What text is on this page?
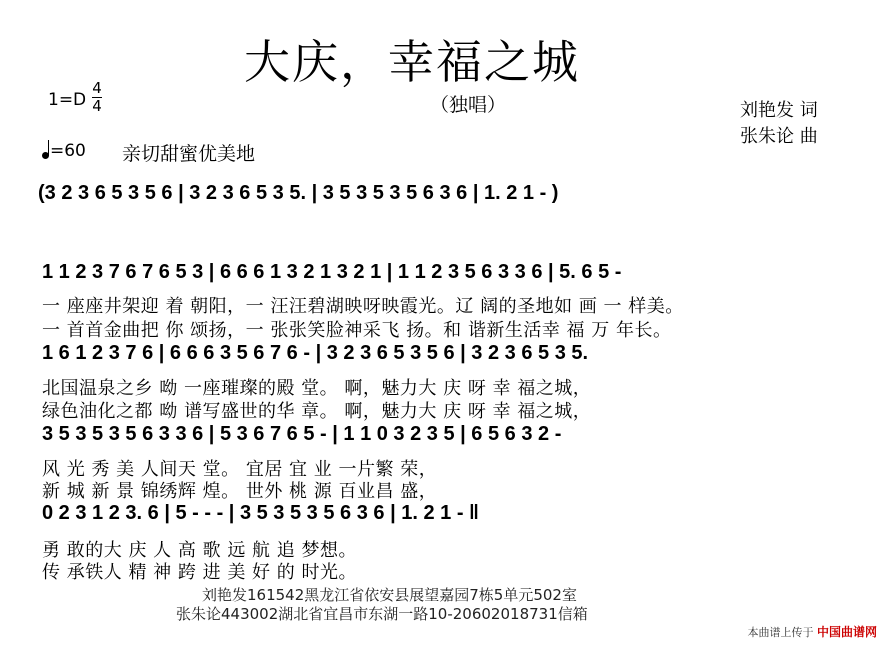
大庆，幸福之城
（独唱）	刘艳发 词
张朱论 曲
1=D
4
4
=60 亲切甜蜜优美地
(3 2 3 6 5 3 5 6 | 3 2 3 6 5 3 5. | 3 5 3 5 3 5 6 3 6 | 1. 2 1 - )
1 1 2 3 7 6 7 6 5 3 | 6 6 6 1 3 2 1 3 2 1 | 1 1 2 3 5 6 3 3 6 | 5. 6 5 -
一 座座井架迎 着 朝阳，一 汪汪碧湖映呀映霞光。辽 阔的圣地如 画 一 样美。
一 首首金曲把 你 颂扬，一 张张笑脸神采飞 扬。和 谐新生活幸 福 万 年长。
1 6 1 2 3 7 6 | 6 6 6 3 5 6 7 6 - | 3 2 3 6 5 3 5 6 | 3 2 3 6 5 3 5.
北国温泉之乡 呦 一座璀璨的殿 堂。 啊，魅力大 庆 呀 幸 福之城，
绿色油化之都 呦 谱写盛世的华 章。 啊，魅力大 庆 呀 幸 福之城，
3 5 3 5 3 5 6 3 3 6 | 5 3 6 7 6 5 - | 1 1 0 3 2 3 5 | 6 5 6 3 2 -
风 光 秀 美 人间天 堂。 宜居 宜 业 一片繁 荣，
新 城 新 景 锦绣辉 煌。 世外 桃 源 百业昌 盛，
0 2 3 1 2 3. 6 | 5 - - - | 3 5 3 5 3 5 6 3 6 | 1. 2 1 - ‖
勇 敢的大 庆 人 高 歌 远 航 追 梦想。
传 承铁人 精 神 跨 进 美 好 的 时光。
刘艳发161542黑龙江省依安县展望嘉园7栋5单元502室
张朱论443002湖北省宜昌市东湖一路10-20602018731信箱
本曲谱上传于 中国曲谱网
